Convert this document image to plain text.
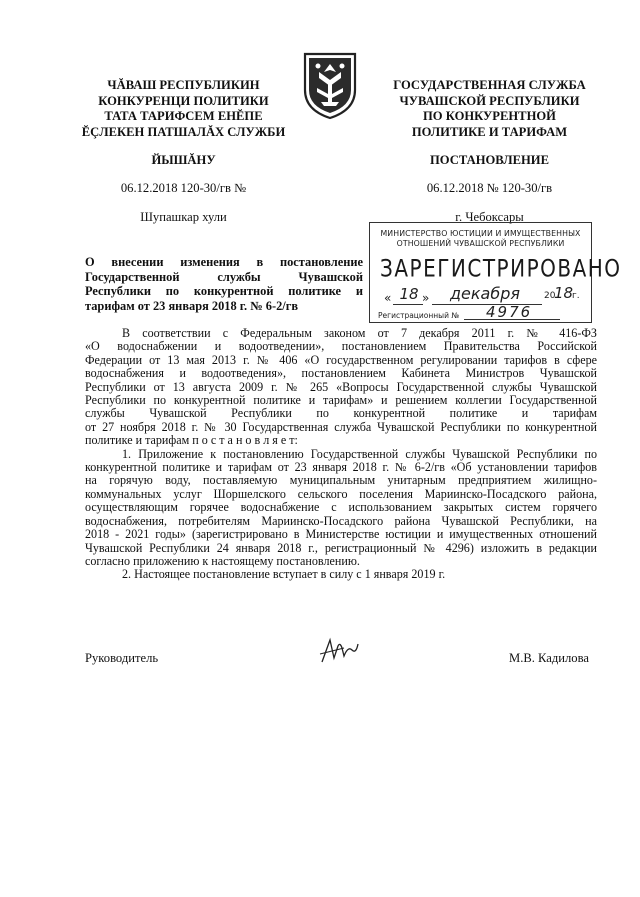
ЧĂВАШ РЕСПУБЛИКИН
КОНКУРЕНЦИ ПОЛИТИКИ
ТАТА ТАРИФСЕМ ЕНĔПЕ
ĔÇЛЕКЕН ПАТШАЛĂХ СЛУЖБИ
ГОСУДАРСТВЕННАЯ СЛУЖБА
ЧУВАШСКОЙ РЕСПУБЛИКИ
ПО КОНКУРЕНТНОЙ
ПОЛИТИКЕ И ТАРИФАМ
ЙЫШĂНУ	ПОСТАНОВЛЕНИЕ
06.12.2018 120-30/гв №	06.12.2018 № 120-30/гв
Шупашкар хули	г. Чебоксары
МИНИСТЕРСТВО ЮСТИЦИИ И ИМУЩЕСТВЕННЫХ
ОТНОШЕНИЙ ЧУВАШСКОЙ РЕСПУБЛИКИ
ЗАРЕГИСТРИРОВАНО
« 18 »	декабря	20
18
г.
Регистрационный № 4976
О внесении изменения в постановление
Государственной службы Чувашской
Республики по конкурентной политике и
тарифам от 23 января 2018 г. № 6-2/гв
В соответствии с Федеральным законом от 7 декабря 2011 г. № 416-ФЗ
«О водоснабжении и водоотведении», постановлением Правительства Российской
Федерации от 13 мая 2013 г. № 406 «О государственном регулировании тарифов в сфере
водоснабжения и водоотведения», постановлением Кабинета Министров Чувашской
Республики от 13 августа 2009 г. № 265 «Вопросы Государственной службы Чувашской
Республики по конкурентной политике и тарифам» и решением коллегии Государственной
службы Чувашской Республики по конкурентной политике и тарифам
от 27 ноября 2018 г. № 30 Государственная служба Чувашской Республики по конкурентной
политике и тарифам п о с т а н о в л я е т:
1. Приложение к постановлению Государственной службы Чувашской Республики по
конкурентной политике и тарифам от 23 января 2018 г. № 6-2/гв «Об установлении тарифов
на горячую воду, поставляемую муниципальным унитарным предприятием жилищно-
коммунальных услуг Шоршелского сельского поселения Мариинско-Посадского района,
осуществляющим горячее водоснабжение с использованием закрытых систем горячего
водоснабжения, потребителям Мариинско-Посадского района Чувашской Республики, на
2018 - 2021 годы» (зарегистрировано в Министерстве юстиции и имущественных отношений
Чувашской Республики 24 января 2018 г., регистрационный № 4296) изложить в редакции
согласно приложению к настоящему постановлению.
2. Настоящее постановление вступает в силу с 1 января 2019 г.
Руководитель	М.В. Кадилова
